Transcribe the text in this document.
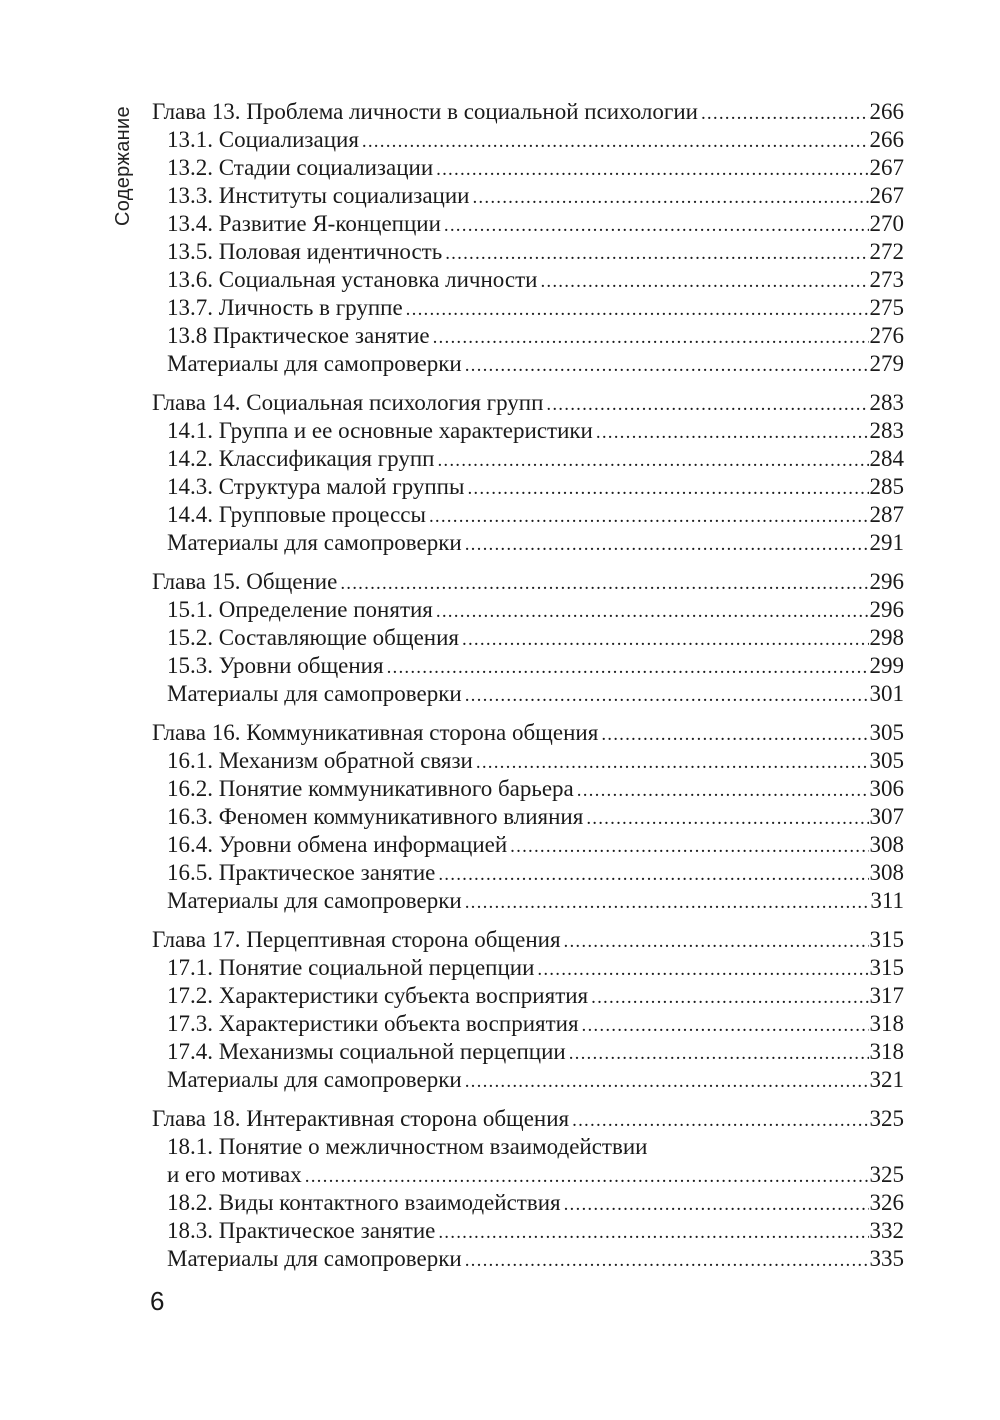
Содержание Глава 13. Проблема личности в социальной психологии .....	266
13.1. Социализация .....	266
13.2. Стадии социализации .....	267
13.3. Институты социализации .....	267
13.4. Развитие Я-концепции .....	270
13.5. Половая идентичность .....	272
13.6. Социальная установка личности .....	273
13.7. Личность в группе .....	275
13.8 Практическое занятие .....	276
Материалы для самопроверки .....	279
Глава 14. Социальная психология групп .....	283
14.1. Группа и ее основные характеристики .....	283
14.2. Классификация групп .....	284
14.3. Структура малой группы .....	285
14.4. Групповые процессы .....	287
Материалы для самопроверки .....	291
Глава 15. Общение .....	296
15.1. Определение понятия .....	296
15.2. Составляющие общения .....	298
15.3. Уровни общения .....	299
Материалы для самопроверки .....	301
Глава 16. Коммуникативная сторона общения .....	305
16.1. Механизм обратной связи .....	305
16.2. Понятие коммуникативного барьера .....	306
16.3. Феномен коммуникативного влияния .....	307
16.4. Уровни обмена информацией .....	308
16.5. Практическое занятие .....	308
Материалы для самопроверки .....	311
Глава 17. Перцептивная сторона общения .....	315
17.1. Понятие социальной перцепции .....	315
17.2. Характеристики субъекта восприятия .....	317
17.3. Характеристики объекта восприятия .....	318
17.4. Механизмы социальной перцепции .....	318
Материалы для самопроверки .....	321
Глава 18. Интерактивная сторона общения .....	325
18.1. Понятие о межличностном взаимодействии
и его мотивах .....	325
18.2. Виды контактного взаимодействия .....	326
18.3. Практическое занятие .....	332
Материалы для самопроверки .....	335
6
